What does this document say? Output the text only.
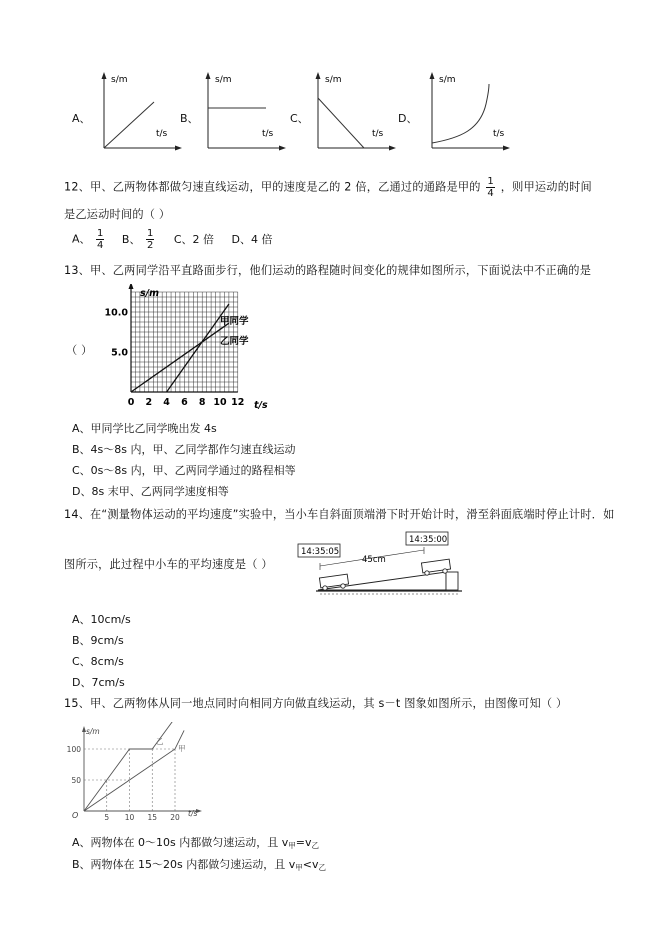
A、
s/m
t/s
B、
s/m
t/s
C、
s/m
t/s
D、
s/m
t/s
12、甲、乙两物体都做匀速直线运动，甲的速度是乙的 2 倍，乙通过的通路是甲的 $\frac{1}{4}$ ，则甲运动的时间
是乙运动时间的（ ）
A、 $\frac{1}{4}$ B、 $\frac{1}{2}$ C、2 倍 D、4 倍
13、甲、乙两同学沿平直路面步行，他们运动的路程随时间变化的规律如图所示，下面说法中不正确的是
（ ）
0 2 4 6 8 10 12
5.0
10.0
s/m
t/s
甲同学
乙同学
A、甲同学比乙同学晚出发 4s
B、4s～8s 内，甲、乙同学都作匀速直线运动
C、0s～8s 内，甲、乙两同学通过的路程相等
D、8s 末甲、乙两同学速度相等
14、在“测量物体运动的平均速度”实验中，当小车自斜面顶端滑下时开始计时，滑至斜面底端时停止计时．如
图所示，此过程中小车的平均速度是（ ）
14:35:05
14:35:00
45cm
A、10cm/s
B、9cm/s
C、8cm/s
D、7cm/s
15、甲、乙两物体从同一地点同时向相同方向做直线运动，其 s－t 图象如图所示，由图像可知（ ）
5 10 15 20
50
100
s/m
t/s
O
乙
甲
A、两物体在 0～10s 内都做匀速运动，且 $v_甲=v_乙$
B、两物体在 15～20s 内都做匀速运动，且 $v_甲<v_乙$
